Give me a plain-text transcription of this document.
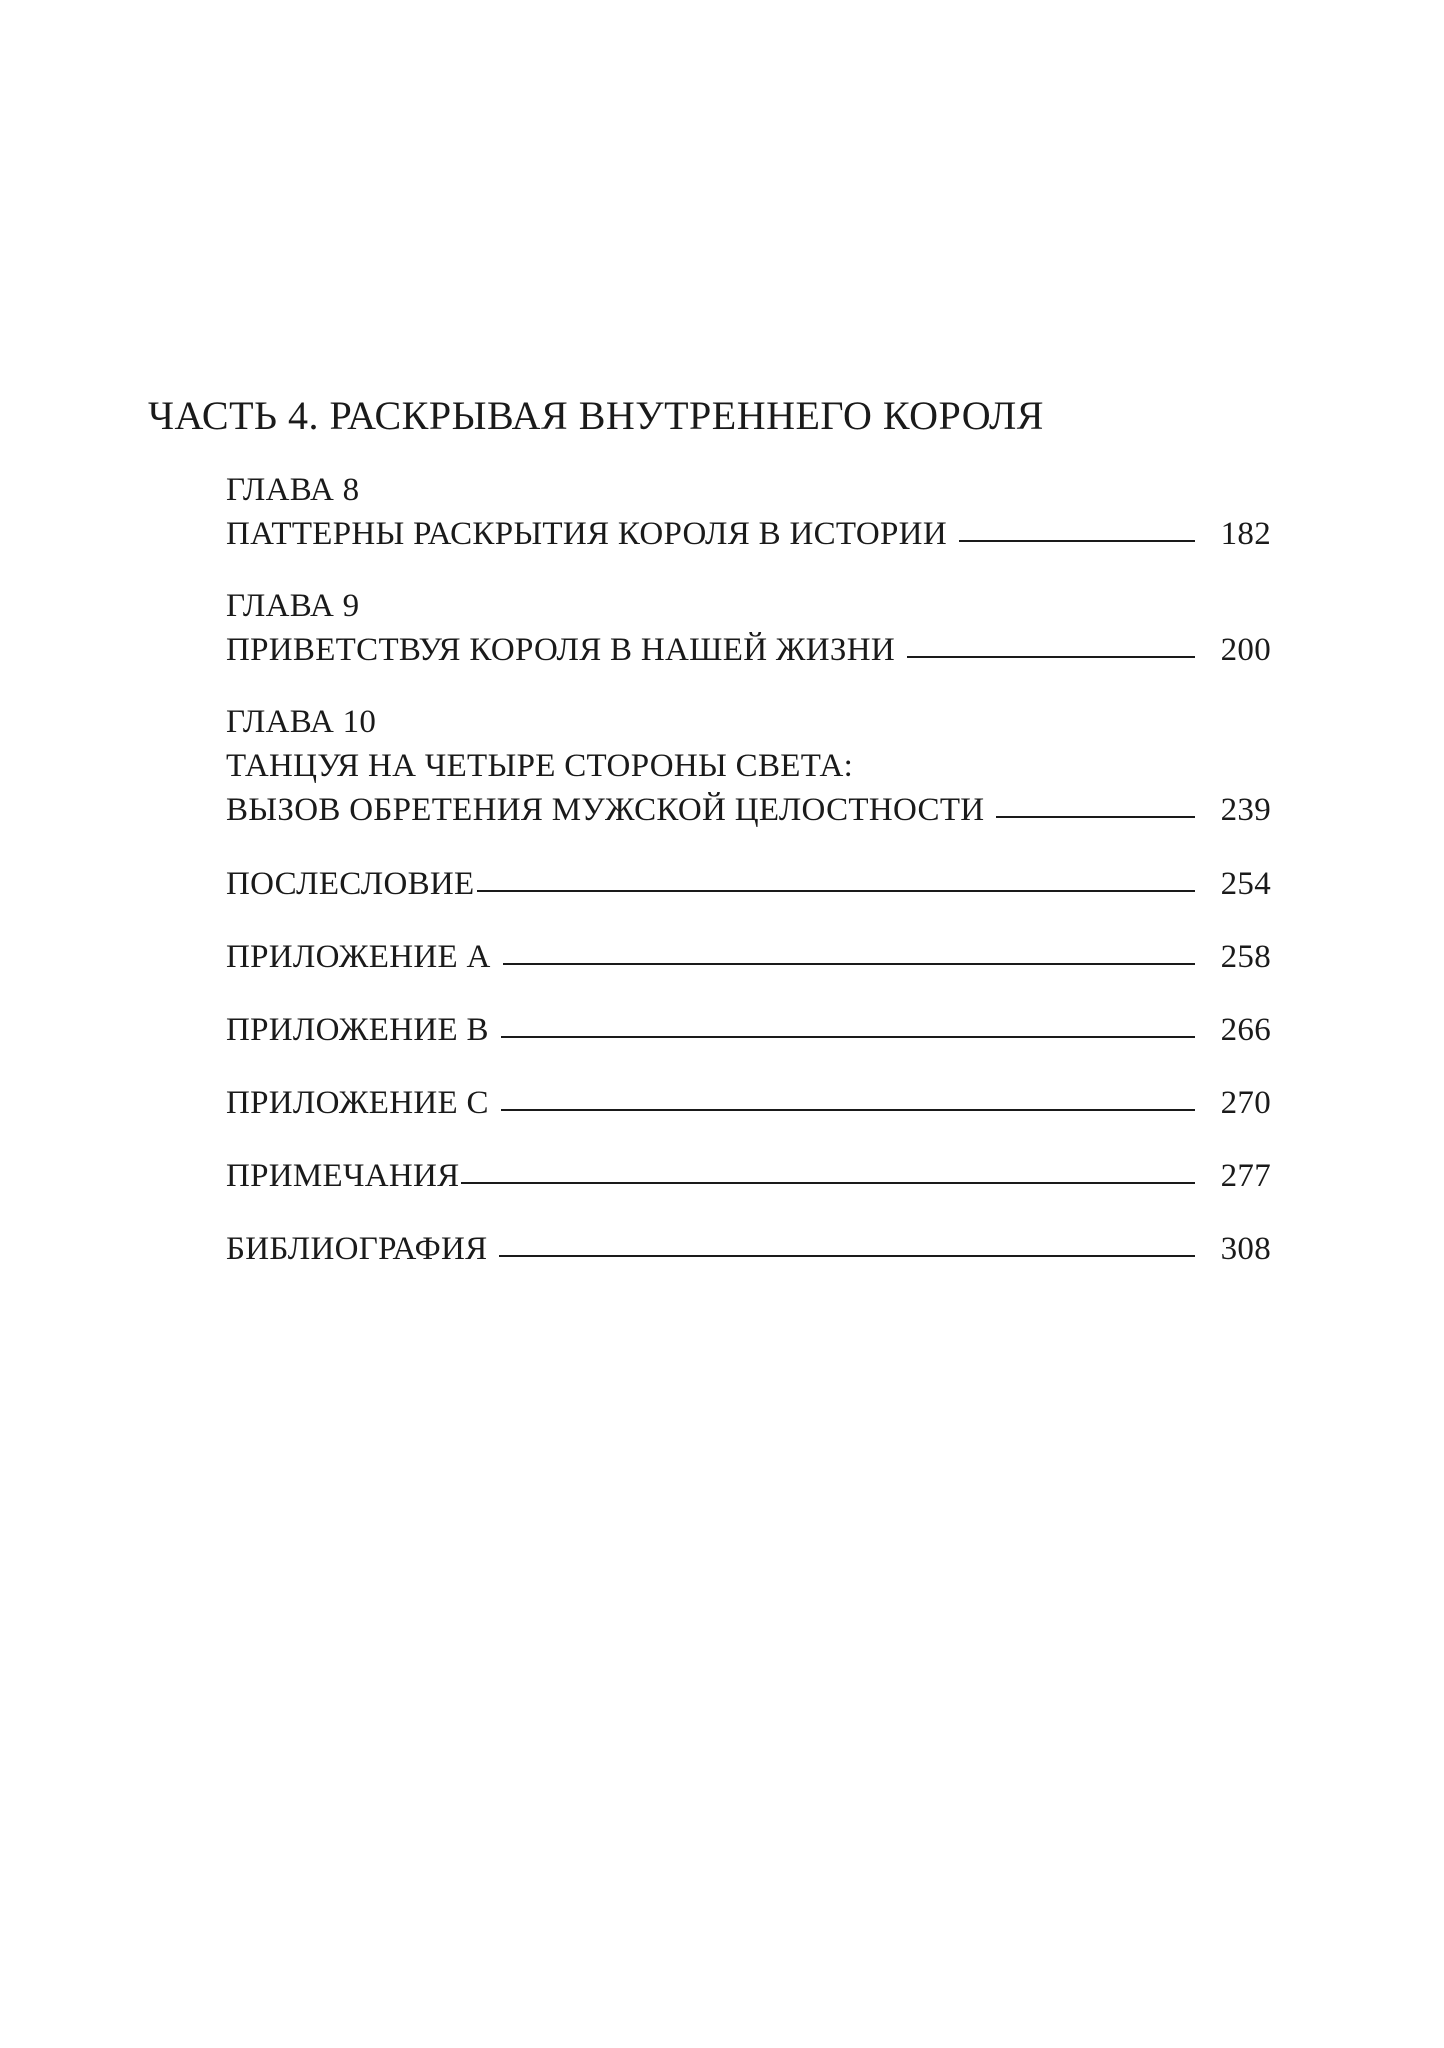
ЧАСТЬ 4. РАСКРЫВАЯ ВНУТРЕННЕГО КОРОЛЯ
ГЛАВА 8
ПАТТЕРНЫ РАСКРЫТИЯ КОРОЛЯ В ИСТОРИИ	182
ГЛАВА 9
ПРИВЕТСТВУЯ КОРОЛЯ В НАШЕЙ ЖИЗНИ	200
ГЛАВА 10
ТАНЦУЯ НА ЧЕТЫРЕ СТОРОНЫ СВЕТА:
ВЫЗОВ ОБРЕТЕНИЯ МУЖСКОЙ ЦЕЛОСТНОСТИ	239
ПОСЛЕСЛОВИЕ	254
ПРИЛОЖЕНИЕ А	258
ПРИЛОЖЕНИЕ В	266
ПРИЛОЖЕНИЕ С	270
ПРИМЕЧАНИЯ	277
БИБЛИОГРАФИЯ	308
